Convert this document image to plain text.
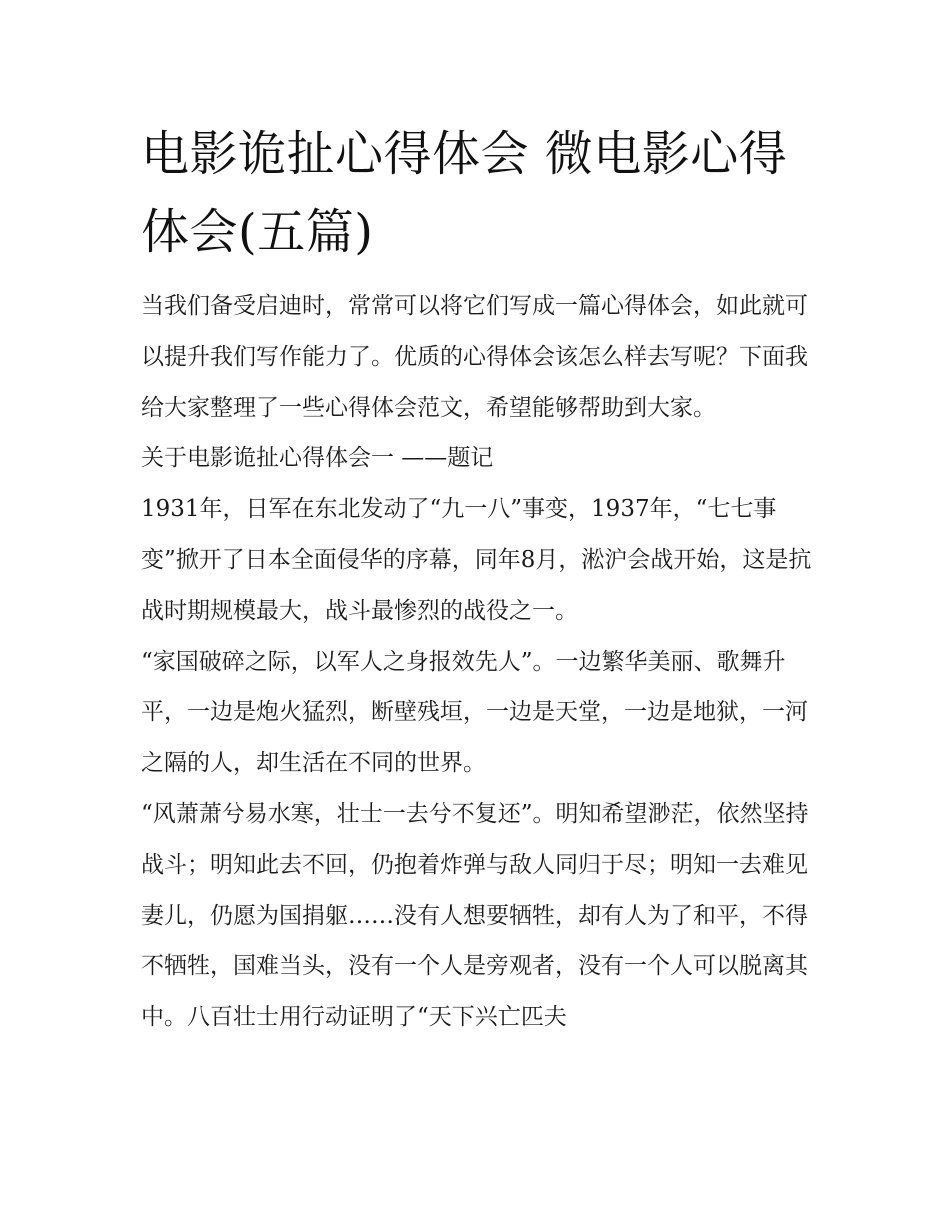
电影诡扯心得体会 微电影心得体会(五篇)

当我们备受启迪时，常常可以将它们写成一篇心得体会，如此就可以提升我们写作能力了。优质的心得体会该怎么样去写呢？下面我给大家整理了一些心得体会范文，希望能够帮助到大家。

关于电影诡扯心得体会一 ——题记

1931年，日军在东北发动了“九一八”事变，1937年，“七七事变”掀开了日本全面侵华的序幕，同年8月，淞沪会战开始，这是抗战时期规模最大，战斗最惨烈的战役之一。

“家国破碎之际，以军人之身报效先人”。一边繁华美丽、歌舞升平，一边是炮火猛烈，断壁残垣，一边是天堂，一边是地狱，一河之隔的人，却生活在不同的世界。

“风萧萧兮易水寒，壮士一去兮不复还”。明知希望渺茫，依然坚持战斗；明知此去不回，仍抱着炸弹与敌人同归于尽；明知一去难见妻儿，仍愿为国捐躯……没有人想要牺牲，却有人为了和平，不得不牺牲，国难当头，没有一个人是旁观者，没有一个人可以脱离其中。八百壮士用行动证明了“天下兴亡匹夫
